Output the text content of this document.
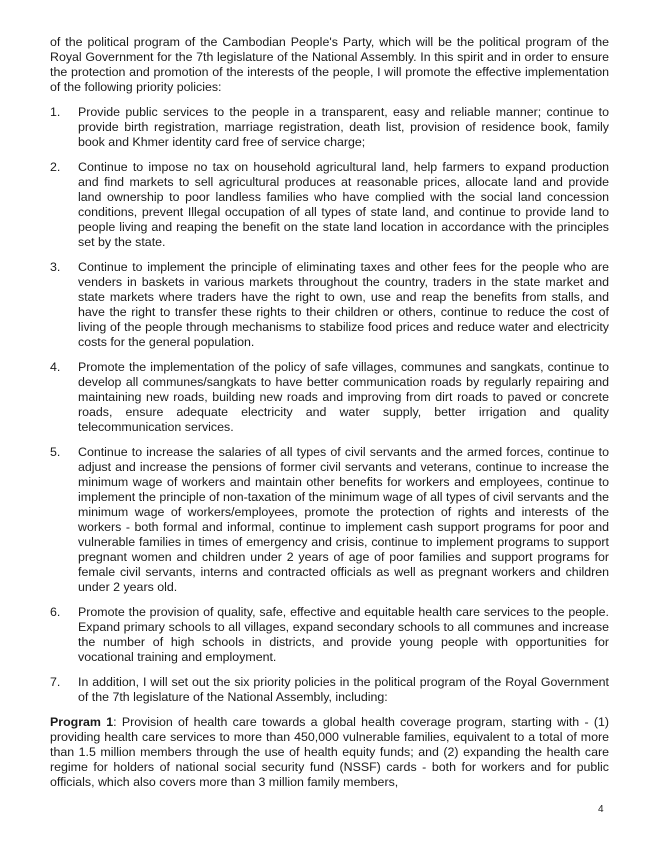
of the political program of the Cambodian People's Party, which will be the political program of the Royal Government for the 7th legislature of the National Assembly. In this spirit and in order to ensure the protection and promotion of the interests of the people, I will promote the effective implementation of the following priority policies:

1. Provide public services to the people in a transparent, easy and reliable manner; continue to provide birth registration, marriage registration, death list, provision of residence book, family book and Khmer identity card free of service charge;
2. Continue to impose no tax on household agricultural land, help farmers to expand production and find markets to sell agricultural produces at reasonable prices, allocate land and provide land ownership to poor landless families who have complied with the social land concession conditions, prevent Illegal occupation of all types of state land, and continue to provide land to people living and reaping the benefit on the state land location in accordance with the principles set by the state.
3. Continue to implement the principle of eliminating taxes and other fees for the people who are venders in baskets in various markets throughout the country, traders in the state market and state markets where traders have the right to own, use and reap the benefits from stalls, and have the right to transfer these rights to their children or others, continue to reduce the cost of living of the people through mechanisms to stabilize food prices and reduce water and electricity costs for the general population.
4. Promote the implementation of the policy of safe villages, communes and sangkats, continue to develop all communes/sangkats to have better communication roads by regularly repairing and maintaining new roads, building new roads and improving from dirt roads to paved or concrete roads, ensure adequate electricity and water supply, better irrigation and quality telecommunication services.
5. Continue to increase the salaries of all types of civil servants and the armed forces, continue to adjust and increase the pensions of former civil servants and veterans, continue to increase the minimum wage of workers and maintain other benefits for workers and employees, continue to implement the principle of non-taxation of the minimum wage of all types of civil servants and the minimum wage of workers/employees, promote the protection of rights and interests of the workers - both formal and informal, continue to implement cash support programs for poor and vulnerable families in times of emergency and crisis, continue to implement programs to support pregnant women and children under 2 years of age of poor families and support programs for female civil servants, interns and contracted officials as well as pregnant workers and children under 2 years old.
6. Promote the provision of quality, safe, effective and equitable health care services to the people. Expand primary schools to all villages, expand secondary schools to all communes and increase the number of high schools in districts, and provide young people with opportunities for vocational training and employment.
7. In addition, I will set out the six priority policies in the political program of the Royal Government of the 7th legislature of the National Assembly, including:

Program 1: Provision of health care towards a global health coverage program, starting with - (1) providing health care services to more than 450,000 vulnerable families, equivalent to a total of more than 1.5 million members through the use of health equity funds; and (2) expanding the health care regime for holders of national social security fund (NSSF) cards - both for workers and for public officials, which also covers more than 3 million family members,

4
